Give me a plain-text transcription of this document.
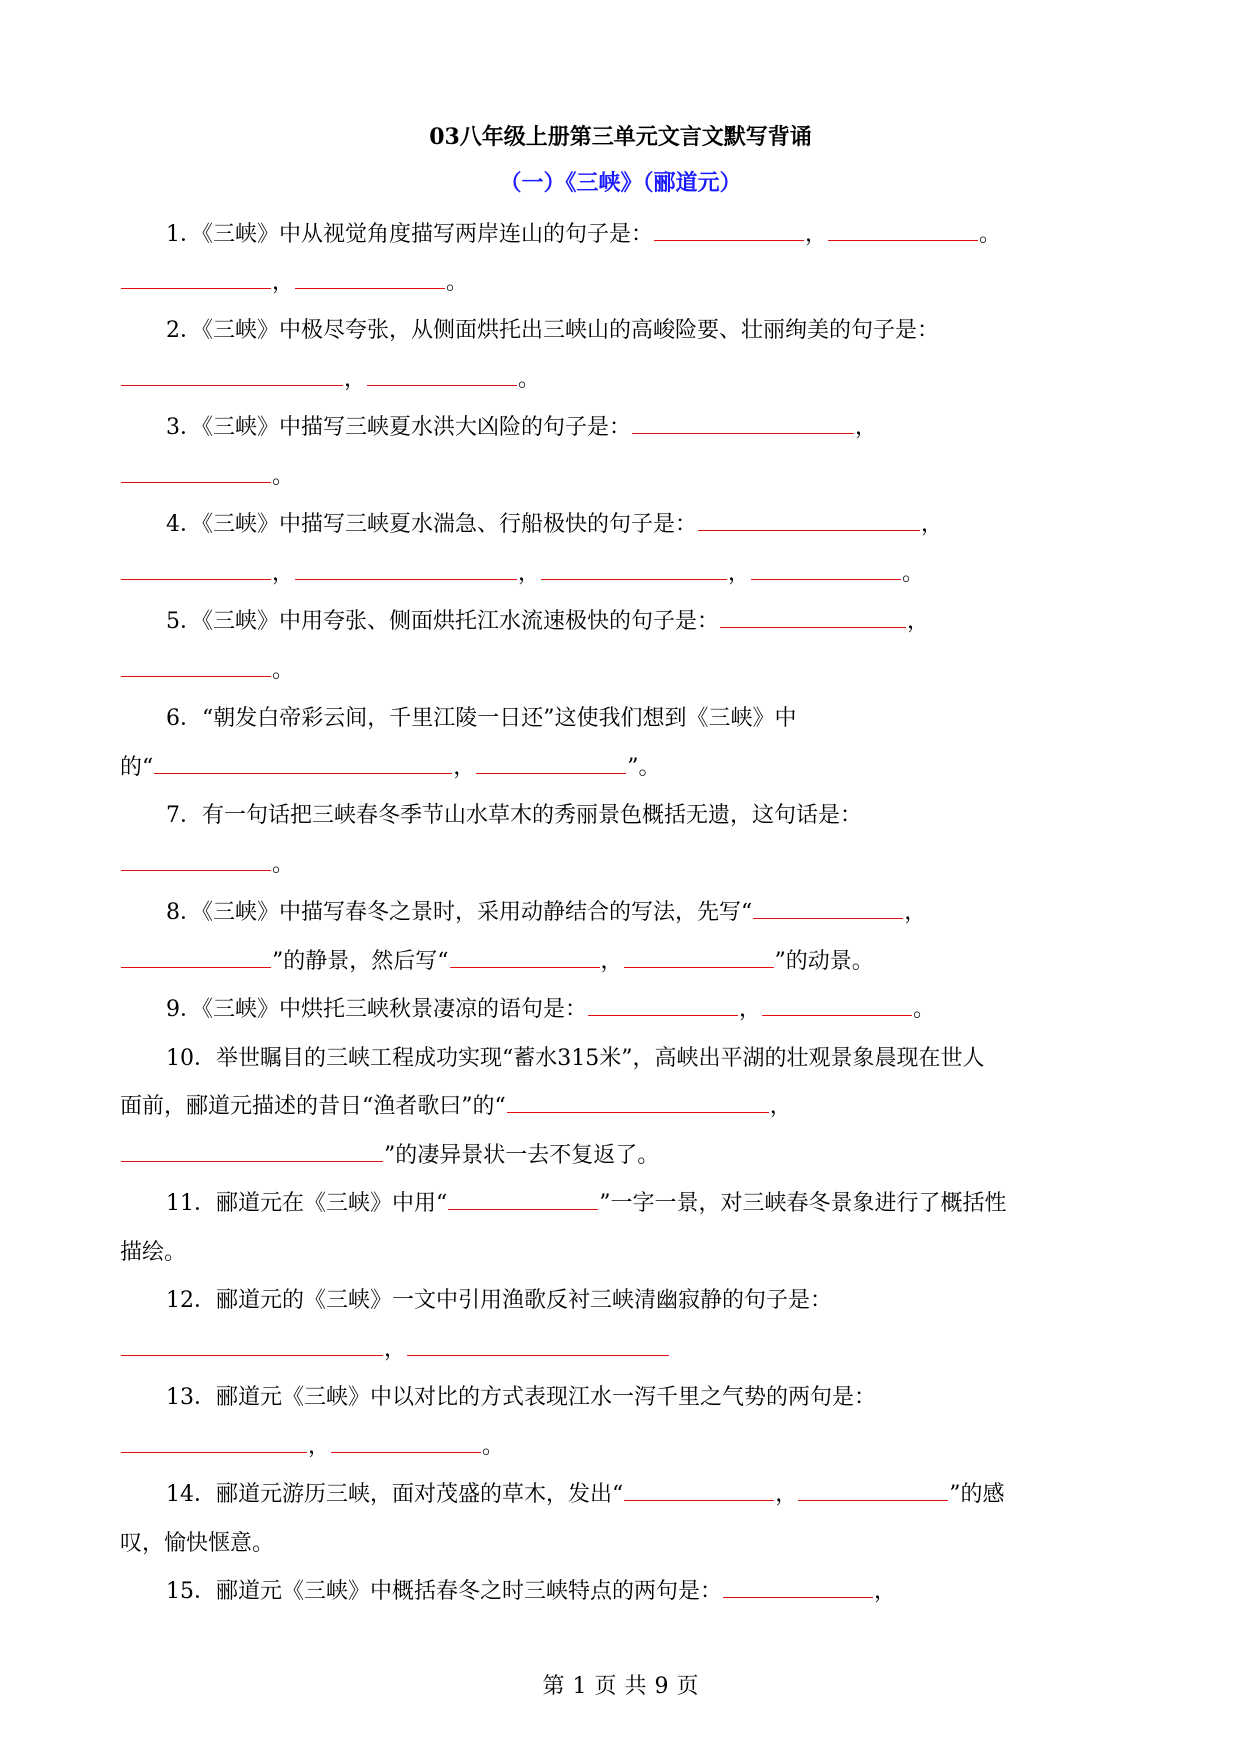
03八年级上册第三单元文言文默写背诵
（一）《三峡》（郦道元）
1．《三峡》中从视觉角度描写两岸连山的句子是：	，	。
，	。
2．《三峡》中极尽夸张，从侧面烘托出三峡山的高峻险要、壮丽绚美的句子是：
，	。
3．《三峡》中描写三峡夏水洪大凶险的句子是：	，
。
4．《三峡》中描写三峡夏水湍急、行船极快的句子是：	，
，	，	，	。
5．《三峡》中用夸张、侧面烘托江水流速极快的句子是：	，
。
6．“朝发白帝彩云间，千里江陵一日还”这使我们想到《三峡》中
的“	，	”。
7．有一句话把三峡春冬季节山水草木的秀丽景色概括无遗，这句话是：
。
8．《三峡》中描写春冬之景时，采用动静结合的写法，先写“	，
”的静景，然后写“	，	”的动景。
9．《三峡》中烘托三峡秋景凄凉的语句是：	，	。
10．举世瞩目的三峡工程成功实现“蓄水315米”，高峡出平湖的壮观景象晨现在世人
面前，郦道元描述的昔日“渔者歌曰”的“	，
”的凄异景状一去不复返了。
11．郦道元在《三峡》中用“	”一字一景，对三峡春冬景象进行了概括性
描绘。
12．郦道元的《三峡》一文中引用渔歌反衬三峡清幽寂静的句子是：
，
13．郦道元《三峡》中以对比的方式表现江水一泻千里之气势的两句是：
，	。
14．郦道元游历三峡，面对茂盛的草木，发出“	，	”的感
叹，愉快惬意。
15．郦道元《三峡》中概括春冬之时三峡特点的两句是：	，
第 1 页 共 9 页
